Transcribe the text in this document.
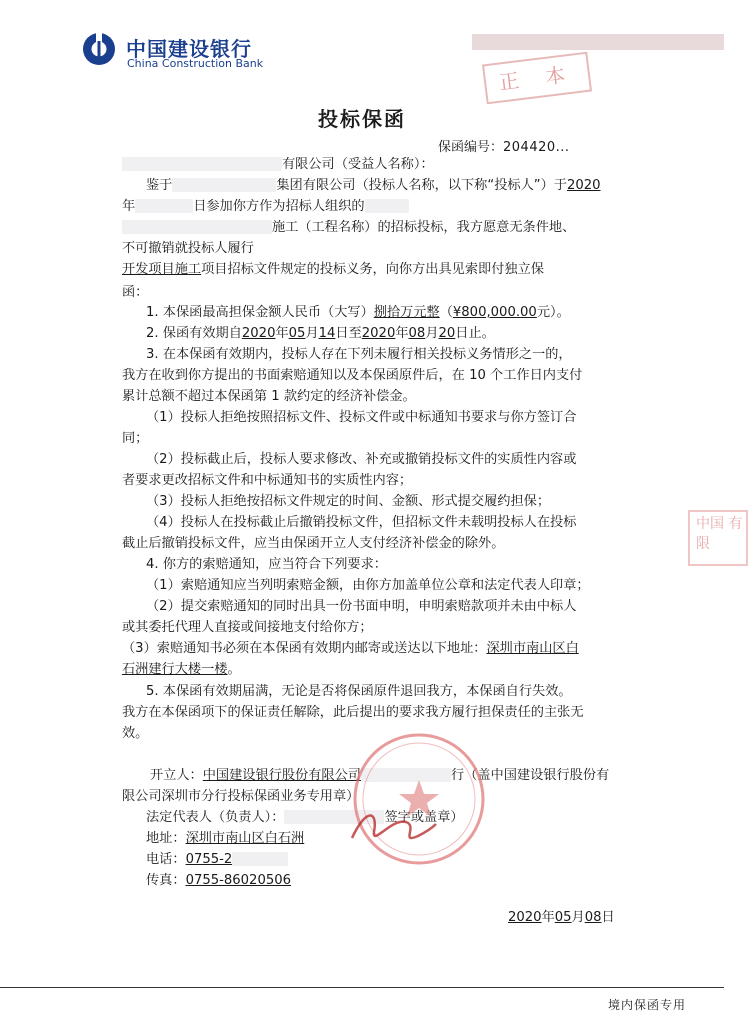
中国建设银行
China Construction Bank	正 本
投标保函
保函编号：204420...
有限公司（受益人名称）：
鉴于	集团有限公司（投标人名称，以下称“投标人”）于2020
年	日参加你方作为招标人组织的
施工（工程名称）的招标投标，我方愿意无条件地、
不可撤销就投标人履行
开发项目施工项目招标文件规定的投标义务，向你方出具见索即付独立保
函：
1. 本保函最高担保金额人民币（大写）捌拾万元整（¥800,000.00元）。
2. 保函有效期自2020年05月14日至2020年08月20日止。
3. 在本保函有效期内，投标人存在下列未履行相关投标义务情形之一的，
我方在收到你方提出的书面索赔通知以及本保函原件后，在 10 个工作日内支付
累计总额不超过本保函第 1 款约定的经济补偿金。
（1）投标人拒绝按照招标文件、投标文件或中标通知书要求与你方签订合
同；
（2）投标截止后，投标人要求修改、补充或撤销投标文件的实质性内容或
者要求更改招标文件和中标通知书的实质性内容；
（3）投标人拒绝按招标文件规定的时间、金额、形式提交履约担保；
（4）投标人在投标截止后撤销投标文件，但招标文件未载明投标人在投标
截止后撤销投标文件，应当由保函开立人支付经济补偿金的除外。
4. 你方的索赔通知，应当符合下列要求：
（1）索赔通知应当列明索赔金额，由你方加盖单位公章和法定代表人印章；
（2）提交索赔通知的同时出具一份书面申明，申明索赔款项并未由中标人
或其委托代理人直接或间接地支付给你方；
（3）索赔通知书必须在本保函有效期内邮寄或送达以下地址：深圳市南山区白
石洲建行大楼一楼。
5. 本保函有效期届满，无论是否将保函原件退回我方，本保函自行失效。
我方在本保函项下的保证责任解除，此后提出的要求我方履行担保责任的主张无
效。
开立人：中国建设银行股份有限公司	行（盖中国建设银行股份有
限公司深圳市分行投标保函业务专用章）
法定代表人（负责人）：	签字或盖章）
地址：深圳市南山区白石洲
电话：0755-2
传真：0755-86020506
中国 有限
2020年05月08日
境内保函专用
